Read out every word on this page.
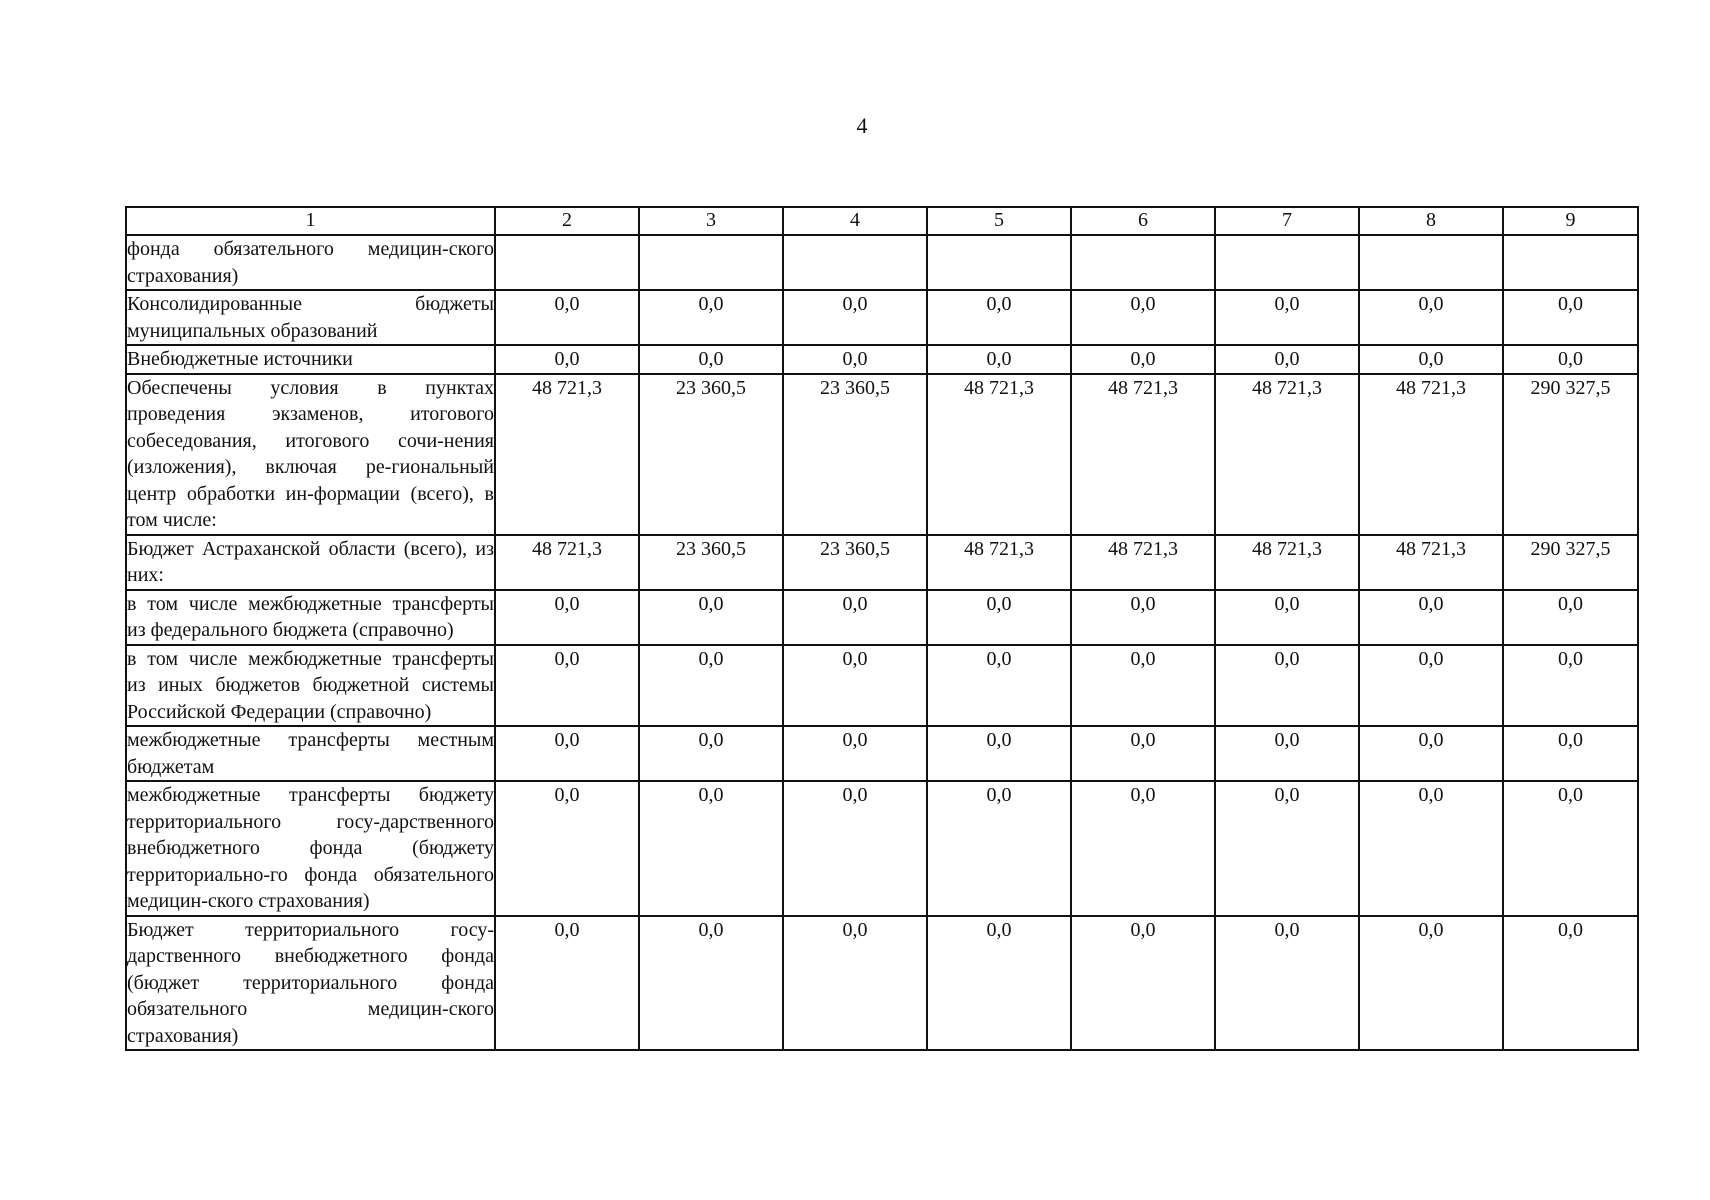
4
1	2	3	4	5	6	7	8	9
фонда обязательного медицин-ского страхования)								
Консолидированные бюджеты муниципальных образований	0,0	0,0	0,0	0,0	0,0	0,0	0,0	0,0
Внебюджетные источники	0,0	0,0	0,0	0,0	0,0	0,0	0,0	0,0
Обеспечены условия в пунктах проведения экзаменов, итогового собеседования, итогового сочи-нения (изложения), включая ре-гиональный центр обработки ин-формации (всего), в том числе:	48 721,3	23 360,5	23 360,5	48 721,3	48 721,3	48 721,3	48 721,3	290 327,5
Бюджет Астраханской области (всего), из них:	48 721,3	23 360,5	23 360,5	48 721,3	48 721,3	48 721,3	48 721,3	290 327,5
в том числе межбюджетные трансферты из федерального бюджета (справочно)	0,0	0,0	0,0	0,0	0,0	0,0	0,0	0,0
в том числе межбюджетные трансферты из иных бюджетов бюджетной системы Российской Федерации (справочно)	0,0	0,0	0,0	0,0	0,0	0,0	0,0	0,0
межбюджетные трансферты местным бюджетам	0,0	0,0	0,0	0,0	0,0	0,0	0,0	0,0
межбюджетные трансферты бюджету территориального госу-дарственного внебюджетного фонда (бюджету территориально-го фонда обязательного медицин-ского страхования)	0,0	0,0	0,0	0,0	0,0	0,0	0,0	0,0
Бюджет территориального госу-дарственного внебюджетного фонда (бюджет территориального фонда обязательного медицин-ского страхования)	0,0	0,0	0,0	0,0	0,0	0,0	0,0	0,0
